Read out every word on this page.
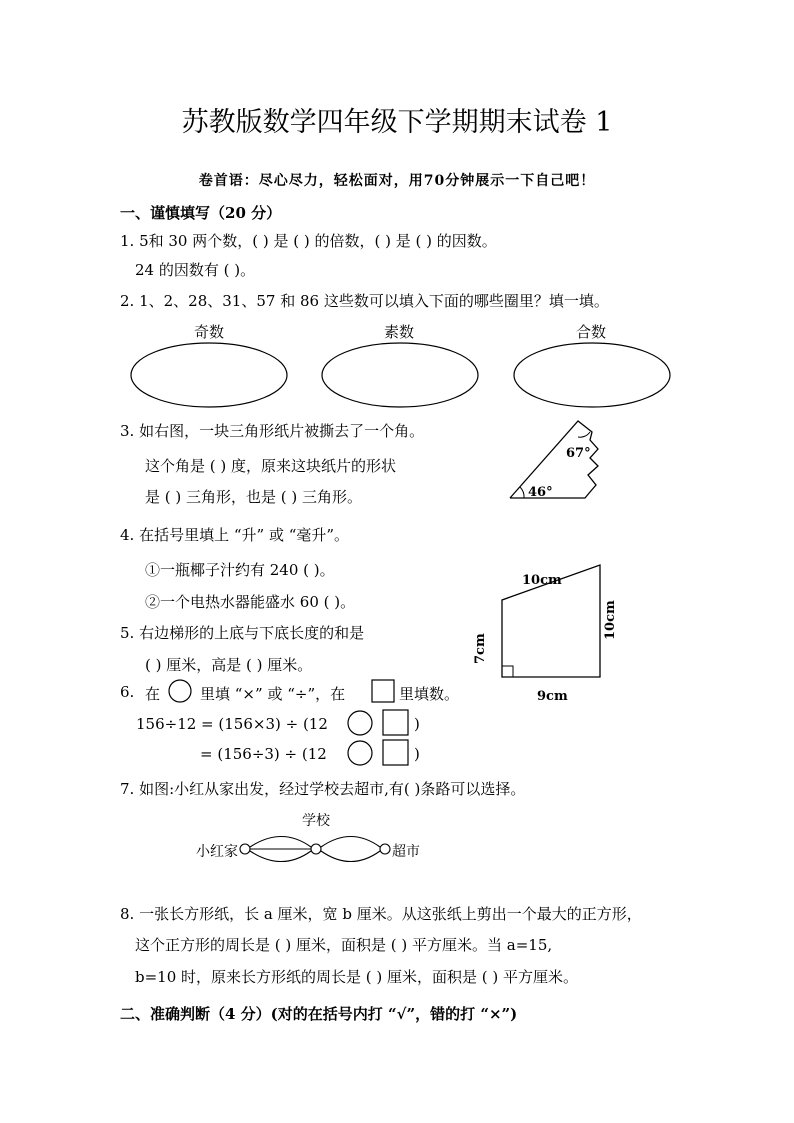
苏教版数学四年级下学期期末试卷 1
卷首语：尽心尽力，轻松面对，用70分钟展示一下自己吧！
一、谨慎填写（20 分）
1. 5和 30 两个数，( ) 是 ( ) 的倍数，( ) 是 ( ) 的因数。
24 的因数有 ( )。
2. 1、2、28、31、57 和 86 这些数可以填入下面的哪些圈里？填一填。
奇数	素数	合数
67°
46°
10cm
10cm
7cm
9cm
3. 如右图，一块三角形纸片被撕去了一个角。
这个角是 ( ) 度，原来这块纸片的形状
是 ( ) 三角形，也是 ( ) 三角形。
4. 在括号里填上 “升” 或 “毫升”。
①一瓶椰子汁约有 240 ( )。
②一个电热水器能盛水 60 ( )。
5. 右边梯形的上底与下底长度的和是
( ) 厘米，高是 ( ) 厘米。
6. 在	里填 “×” 或 “÷”，在	里填数。
156÷12 = (156×3) ÷ (12	)
= (156÷3) ÷ (12	)
7. 如图:小红从家出发，经过学校去超市,有( )条路可以选择。
学校
小红家	超市
8. 一张长方形纸，长 a 厘米，宽 b 厘米。从这张纸上剪出一个最大的正方形，
这个正方形的周长是 ( ) 厘米，面积是 ( ) 平方厘米。当 a=15,
b=10 时，原来长方形纸的周长是 ( ) 厘米，面积是 ( ) 平方厘米。
二、准确判断（4 分）(对的在括号内打 “√”，错的打 “×”)
